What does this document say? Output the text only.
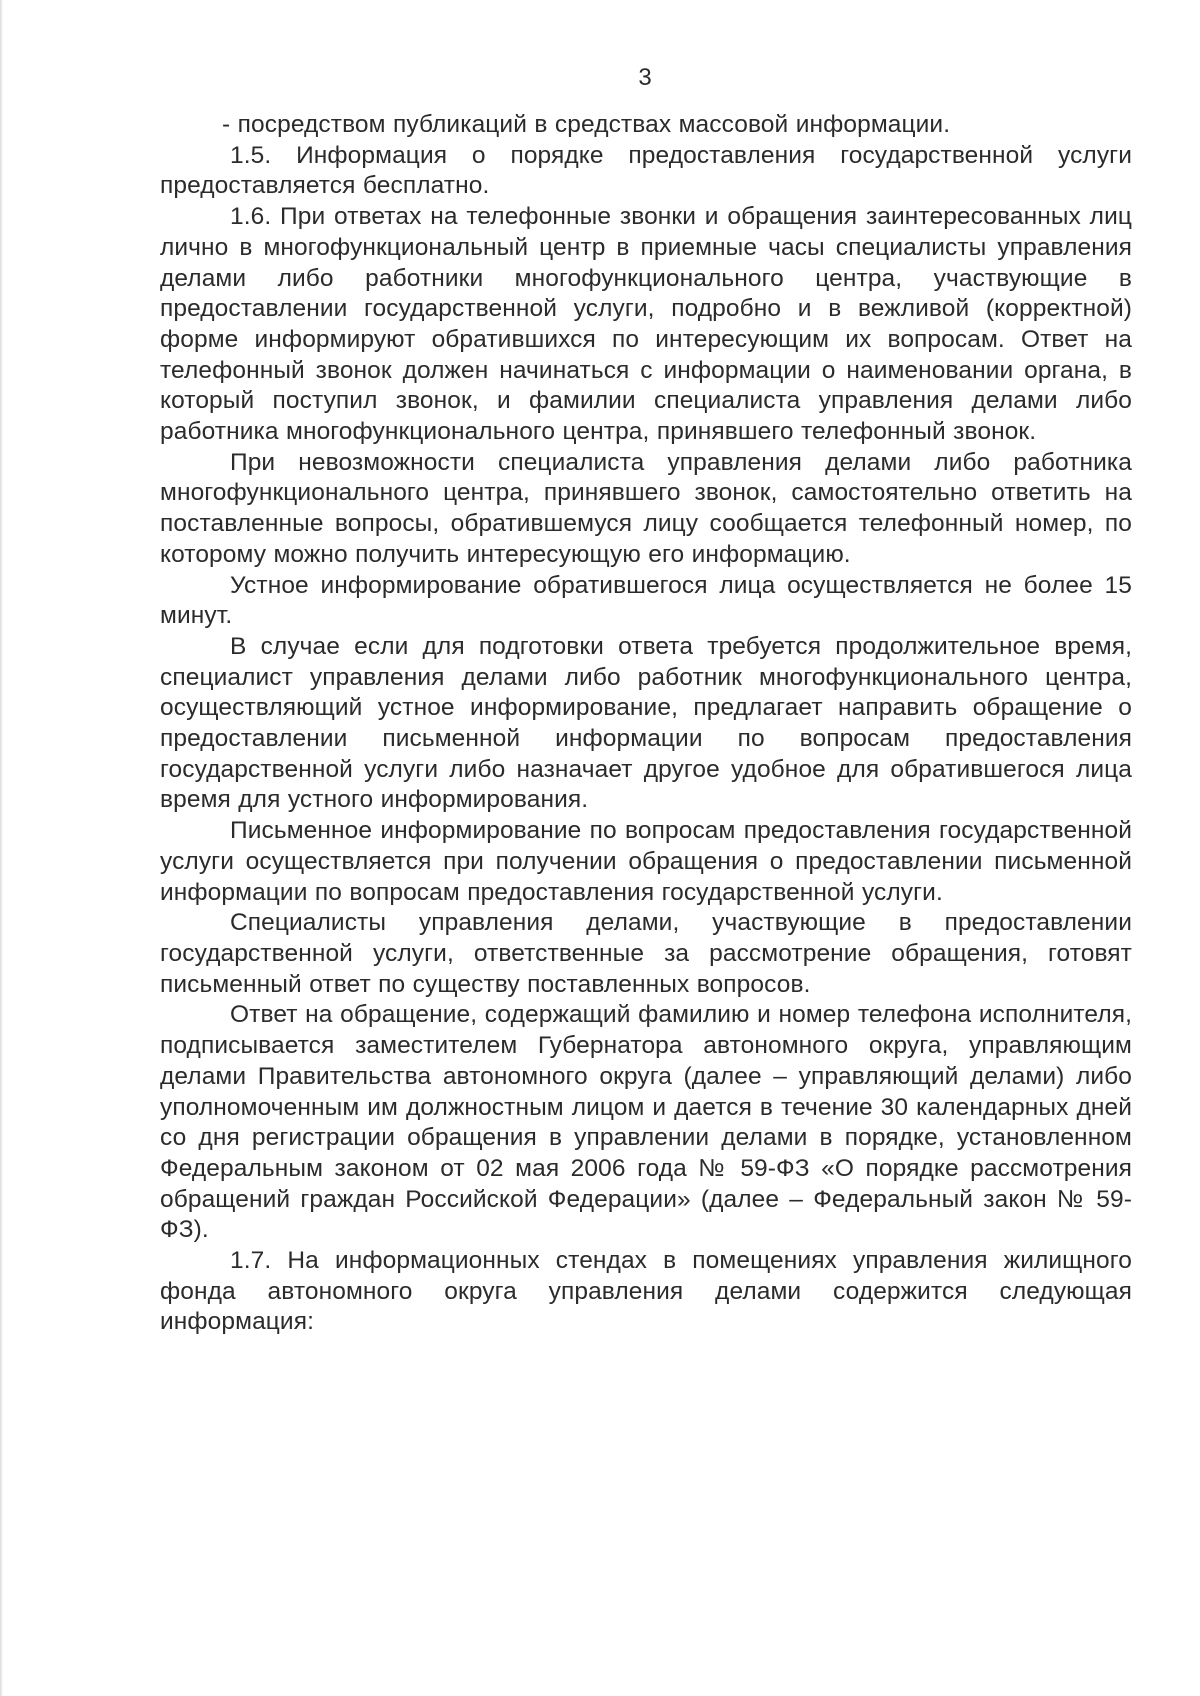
3

- посредством публикаций в средствах массовой информации.

1.5. Информация о порядке предоставления государственной услуги предоставляется бесплатно.

1.6. При ответах на телефонные звонки и обращения заинтересованных лиц лично в многофункциональный центр в приемные часы специалисты управления делами либо работники многофункционального центра, участвующие в предоставлении государственной услуги, подробно и в вежливой (корректной) форме информируют обратившихся по интересующим их вопросам. Ответ на телефонный звонок должен начинаться с информации о наименовании органа, в который поступил звонок, и фамилии специалиста управления делами либо работника многофункционального центра, принявшего телефонный звонок.

При невозможности специалиста управления делами либо работника многофункционального центра, принявшего звонок, самостоятельно ответить на поставленные вопросы, обратившемуся лицу сообщается телефонный номер, по которому можно получить интересующую его информацию.

Устное информирование обратившегося лица осуществляется не более 15 минут.

В случае если для подготовки ответа требуется продолжительное время, специалист управления делами либо работник многофункционального центра, осуществляющий устное информирование, предлагает направить обращение о предоставлении письменной информации по вопросам предоставления государственной услуги либо назначает другое удобное для обратившегося лица время для устного информирования.

Письменное информирование по вопросам предоставления государственной услуги осуществляется при получении обращения о предоставлении письменной информации по вопросам предоставления государственной услуги.

Специалисты управления делами, участвующие в предоставлении государственной услуги, ответственные за рассмотрение обращения, готовят письменный ответ по существу поставленных вопросов.

Ответ на обращение, содержащий фамилию и номер телефона исполнителя, подписывается заместителем Губернатора автономного округа, управляющим делами Правительства автономного округа (далее – управляющий делами) либо уполномоченным им должностным лицом и дается в течение 30 календарных дней со дня регистрации обращения в управлении делами в порядке, установленном Федеральным законом от 02 мая 2006 года № 59-ФЗ «О порядке рассмотрения обращений граждан Российской Федерации» (далее – Федеральный закон № 59-ФЗ).

1.7. На информационных стендах в помещениях управления жилищного фонда автономного округа управления делами содержится следующая информация:
